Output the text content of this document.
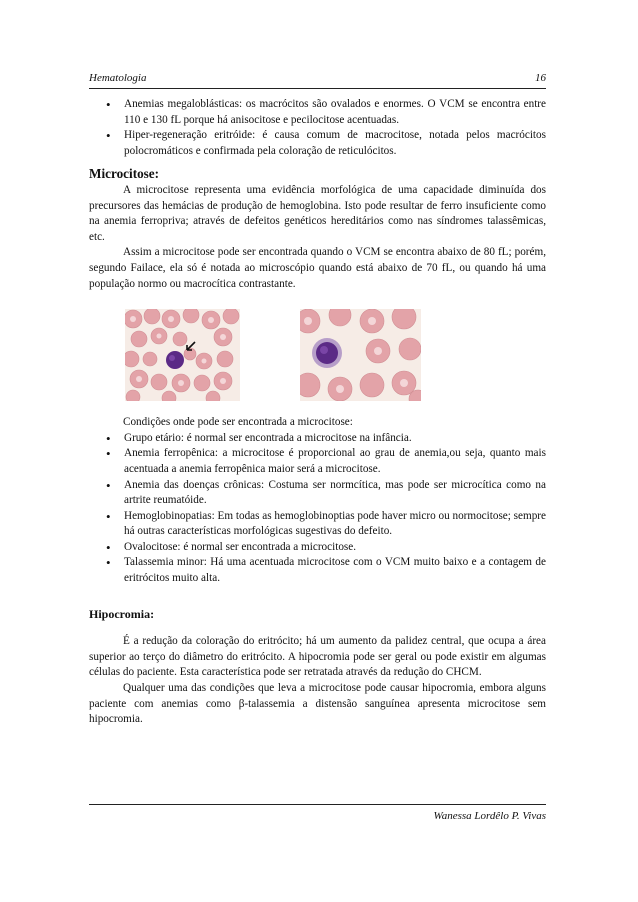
Hematologia	16
• Anemias megaloblásticas: os macrócitos são ovalados e enormes. O VCM se encontra entre 110 e 130 fL porque há anisocitose e pecilocitose acentuadas.
• Hiper-regeneração eritróide: é causa comum de macrocitose, notada pelos macrócitos polocromáticos e confirmada pela coloração de reticulócitos.
Microcitose:

A microcitose representa uma evidência morfológica de uma capacidade diminuída dos precursores das hemácias de produção de hemoglobina. Isto pode resultar de ferro insuficiente como na anemia ferropriva; através de defeitos genéticos hereditários como nas síndromes talassêmicas, etc.

Assim a microcitose pode ser encontrada quando o VCM se encontra abaixo de 80 fL; porém, segundo Failace, ela só é notada ao microscópio quando está abaixo de 70 fL, ou quando há uma população normo ou macrocítica contrastante.

Condições onde pode ser encontrada a microcitose:
• Grupo etário: é normal ser encontrada a microcitose na infância.
• Anemia ferropênica: a microcitose é proporcional ao grau de anemia,ou seja, quanto mais acentuada a anemia ferropênica maior será a microcitose.
• Anemia das doenças crônicas: Costuma ser normcítica, mas pode ser microcítica como na artrite reumatóide.
• Hemoglobinopatias: Em todas as hemoglobinoptias pode haver micro ou normocitose; sempre há outras características morfológicas sugestivas do defeito.
• Ovalocitose: é normal ser encontrada a microcitose.
• Talassemia minor: Há uma acentuada microcitose com o VCM muito baixo e a contagem de eritrócitos muito alta.
Hipocromia:

É a redução da coloração do eritrócito; há um aumento da palidez central, que ocupa a área superior ao terço do diâmetro do eritrócito. A hipocromia pode ser geral ou pode existir em algumas células do paciente. Esta característica pode ser retratada através da redução do CHCM.

Qualquer uma das condições que leva a microcitose pode causar hipocromia, embora alguns paciente com anemias como β-talassemia a distensão sanguínea apresenta microcitose sem hipocromia.

Wanessa Lordêlo P. Vivas
